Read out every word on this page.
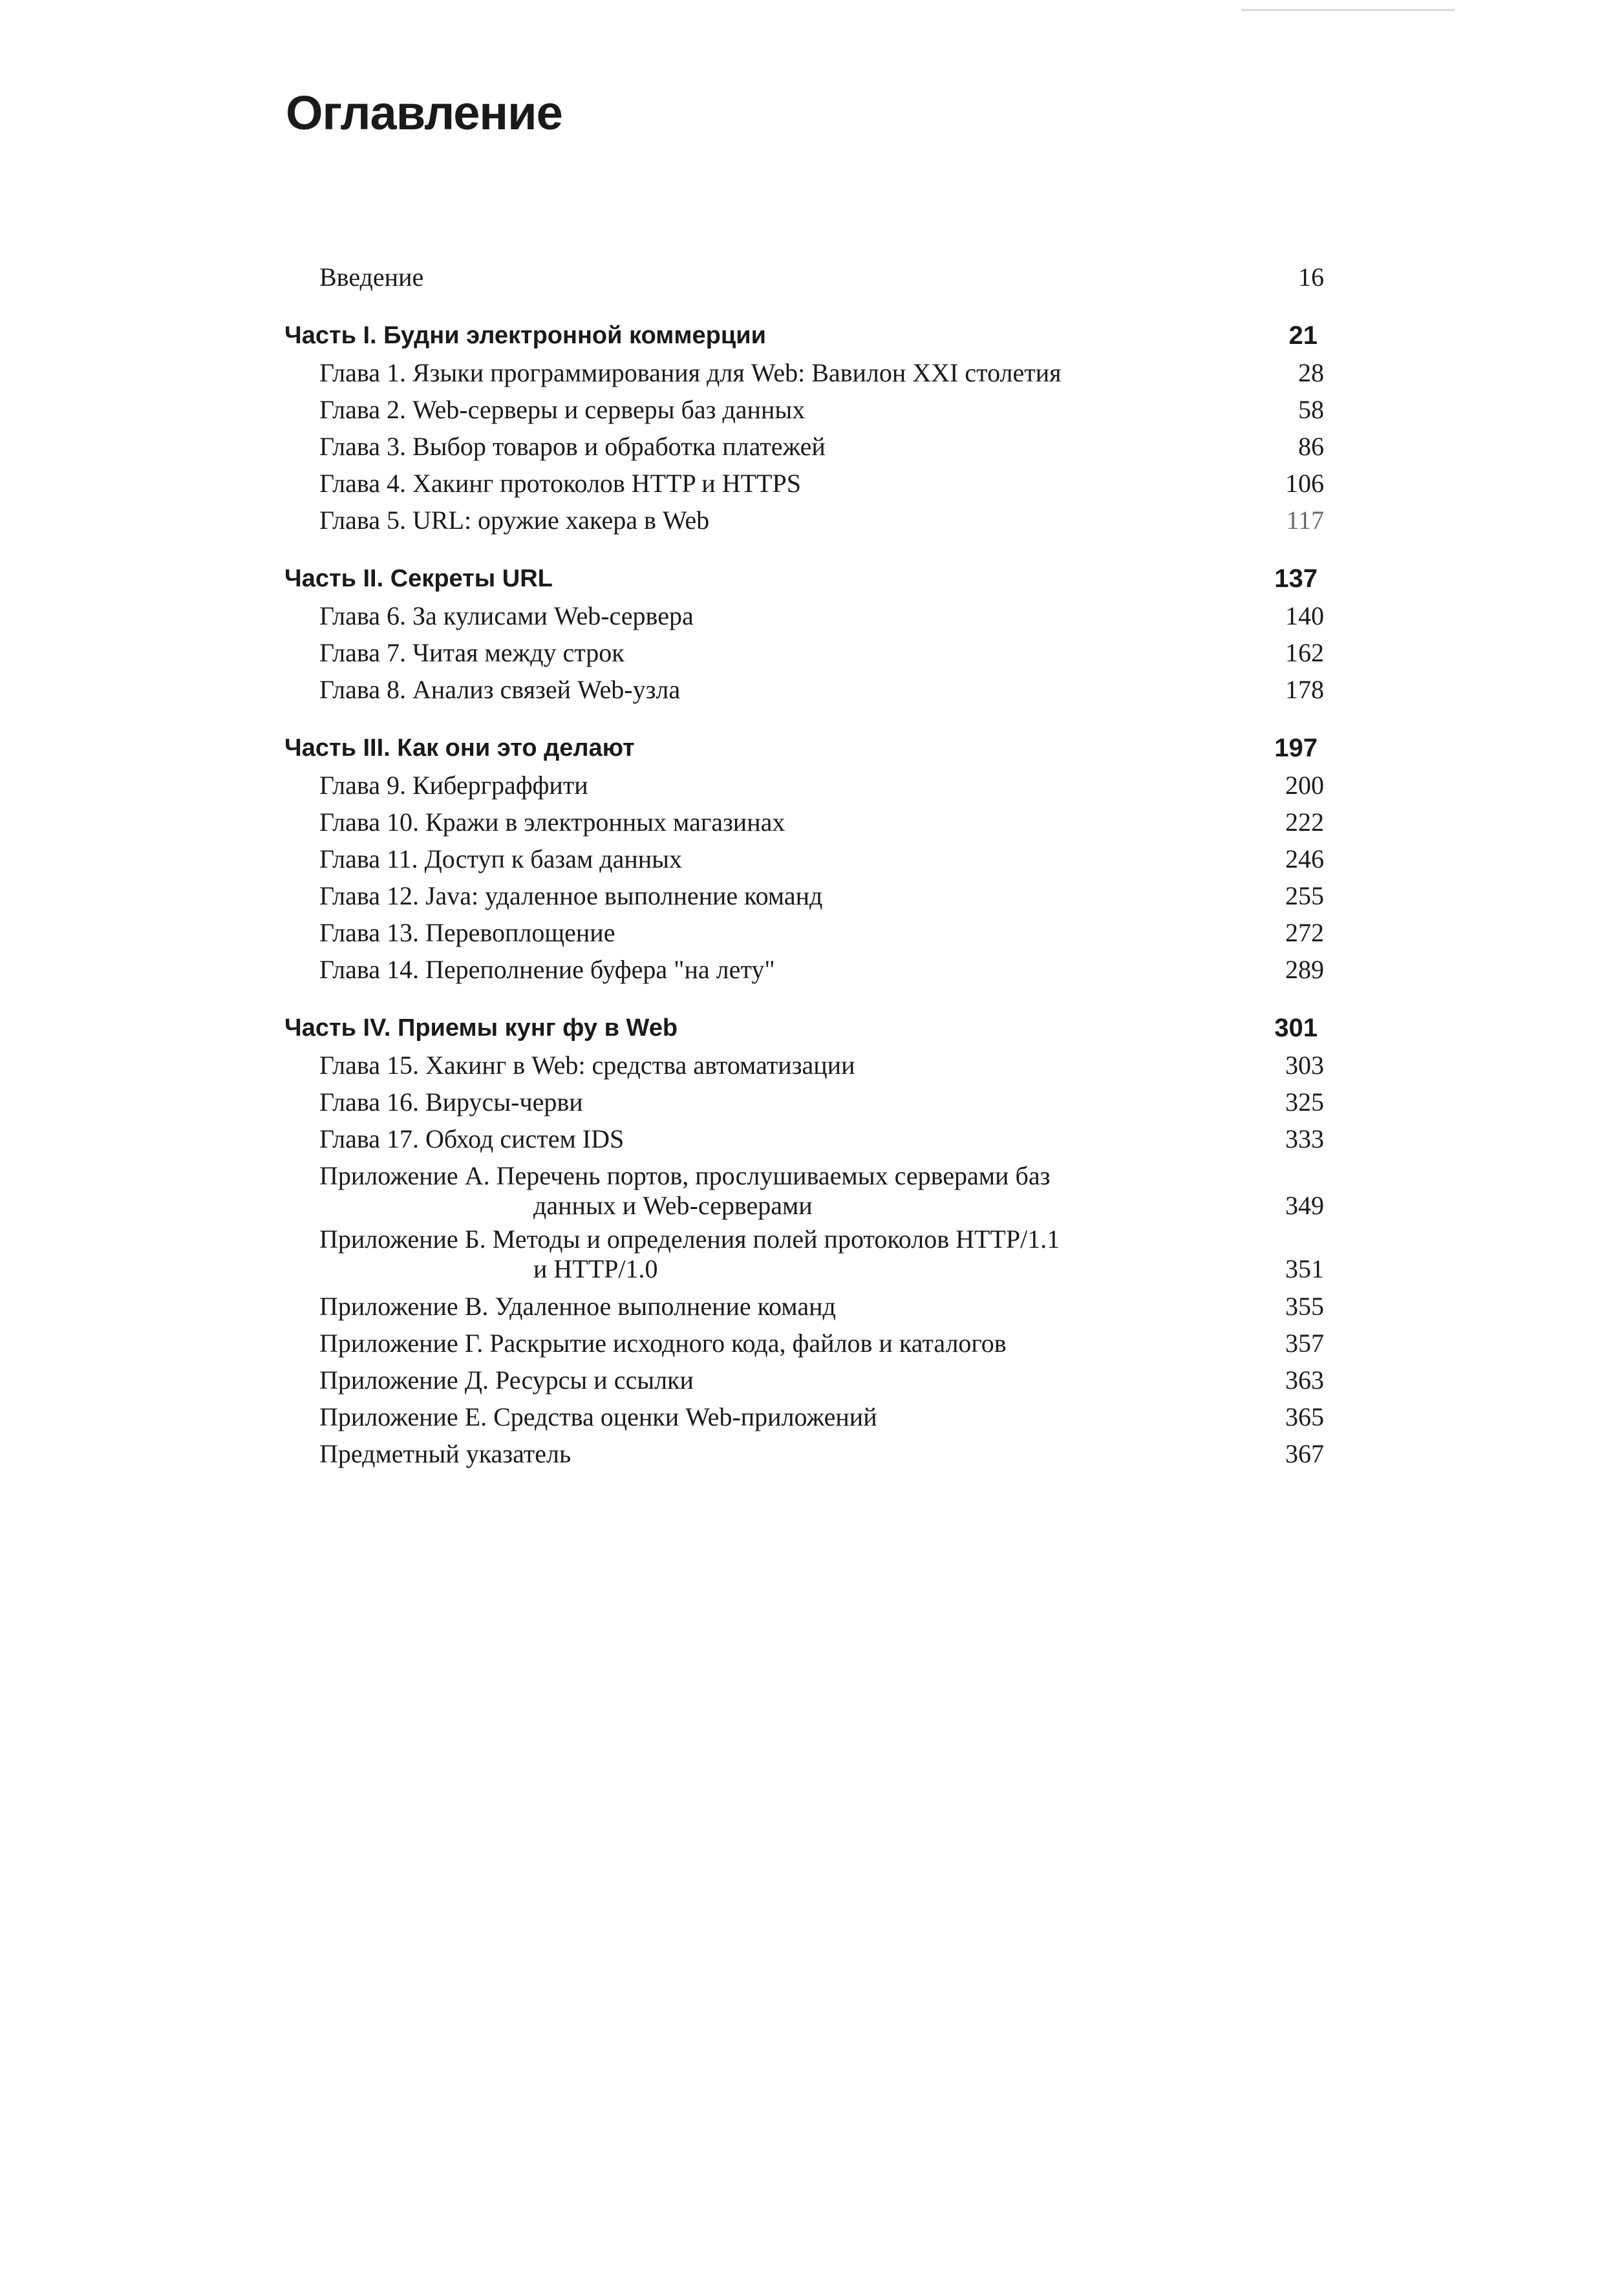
Оглавление
Введение	16
Часть I. Будни электронной коммерции	21
Глава 1. Языки программирования для Web: Вавилон XXI столетия	28
Глава 2. Web-серверы и серверы баз данных	58
Глава 3. Выбор товаров и обработка платежей	86
Глава 4. Хакинг протоколов HTTP и HTTPS	106
Глава 5. URL: оружие хакера в Web	117
Часть II. Секреты URL	137
Глава 6. За кулисами Web-сервера	140
Глава 7. Читая между строк	162
Глава 8. Анализ связей Web-узла	178
Часть III. Как они это делают	197
Глава 9. Киберграффити	200
Глава 10. Кражи в электронных магазинах	222
Глава 11. Доступ к базам данных	246
Глава 12. Java: удаленное выполнение команд	255
Глава 13. Перевоплощение	272
Глава 14. Переполнение буфера "на лету"	289
Часть IV. Приемы кунг фу в Web	301
Глава 15. Хакинг в Web: средства автоматизации	303
Глава 16. Вирусы-черви	325
Глава 17. Обход систем IDS	333
Приложение А. Перечень портов, прослушиваемых серверами баз
данных и Web-серверами	349
Приложение Б. Методы и определения полей протоколов HTTP/1.1
и HTTP/1.0	351
Приложение В. Удаленное выполнение команд	355
Приложение Г. Раскрытие исходного кода, файлов и каталогов	357
Приложение Д. Ресурсы и ссылки	363
Приложение Е. Средства оценки Web-приложений	365
Предметный указатель	367
